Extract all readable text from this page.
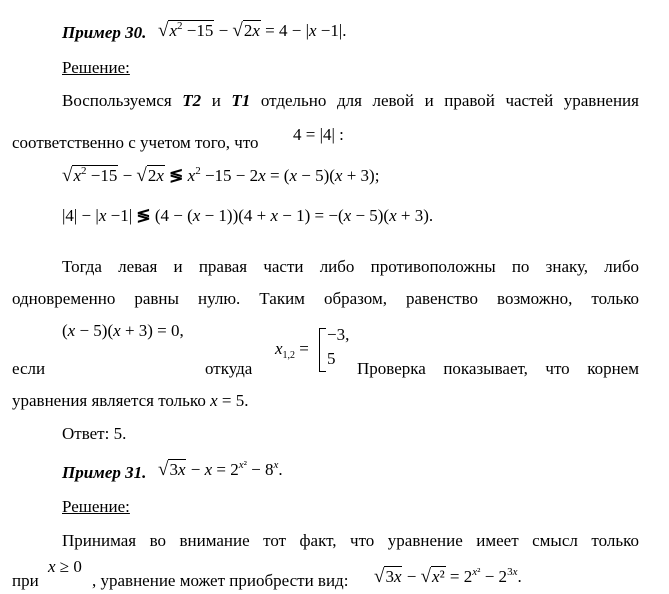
Пример 30. $√x^2 -15 - √2x = 4 - |x -1|$.
Решение:
Воспользуемся T2 и T1 отдельно для левой и правой частей уравнения
соответственно с учетом того, что 4 = |4| :
$√x^2 -15 - √2x$ ≶ $x^2 -15 - 2x = (x - 5)(x + 3)$;
|4| − |x −1| ≶ (4 − (x − 1))(4 + x − 1) = −(x − 5)(x + 3).
Тогда левая и правая части либо противоположны по знаку, либо
одновременно равны нулю. Таким образом, равенство возможно, только
(x − 5)(x + 3) = 0,
если	откуда
$x_{1,2}$ =
−3,
5
Проверка показывает, что корнем
уравнения является только x = 5.
Ответ: 5.
Пример 31. $√3x - x = 2^{x^2} - 8^x$.
Решение:
Принимая во внимание тот факт, что уравнение имеет смысл только
при
x ≥ 0
, уравнение может приобрести вид: $√3x - √x^2 = 2^{x^2} - 2^{3x}$.
